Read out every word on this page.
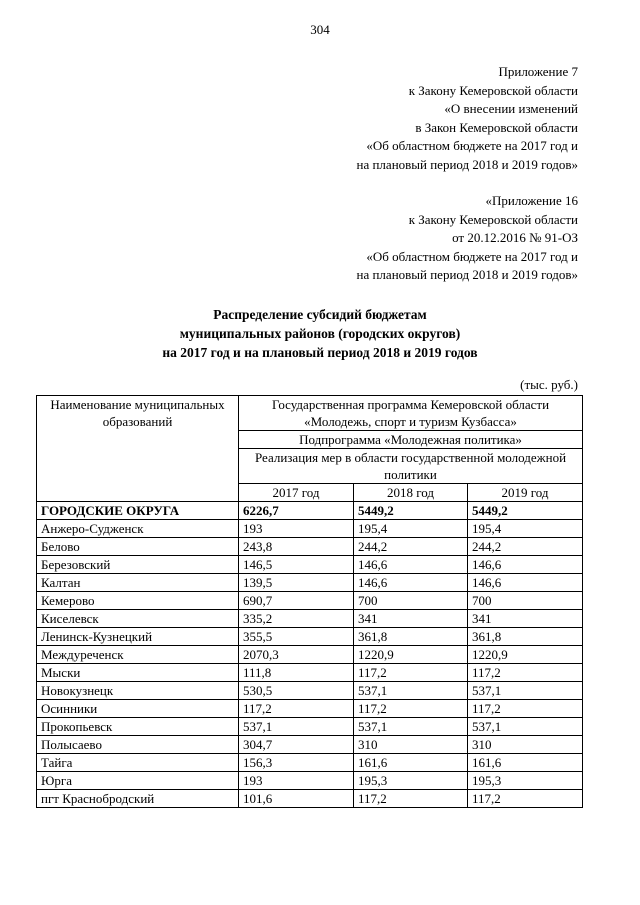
304
Приложение 7
к Закону Кемеровской области
«О внесении изменений
в Закон Кемеровской области
«Об областном бюджете на 2017 год и
на плановый период 2018 и 2019 годов»
«Приложение 16
к Закону Кемеровской области
от 20.12.2016 № 91-ОЗ
«Об областном бюджете на 2017 год и
на плановый период 2018 и 2019 годов»
Распределение субсидий бюджетам
муниципальных районов (городских округов)
на 2017 год и на плановый период 2018 и 2019 годов
(тыс. руб.)
Наименование муниципальных образований	Государственная программа Кемеровской области «Молодежь, спорт и туризм Кузбасса»		
	Подпрограмма «Молодежная политика»		
	Реализация мер в области государственной молодежной политики		
	2017 год	2018 год	2019 год
ГОРОДСКИЕ ОКРУГА	6226,7	5449,2	5449,2
Анжеро-Судженск	193	195,4	195,4
Белово	243,8	244,2	244,2
Березовский	146,5	146,6	146,6
Калтан	139,5	146,6	146,6
Кемерово	690,7	700	700
Киселевск	335,2	341	341
Ленинск-Кузнецкий	355,5	361,8	361,8
Междуреченск	2070,3	1220,9	1220,9
Мыски	111,8	117,2	117,2
Новокузнецк	530,5	537,1	537,1
Осинники	117,2	117,2	117,2
Прокопьевск	537,1	537,1	537,1
Полысаево	304,7	310	310
Тайга	156,3	161,6	161,6
Юрга	193	195,3	195,3
пгт Краснобродский	101,6	117,2	117,2
